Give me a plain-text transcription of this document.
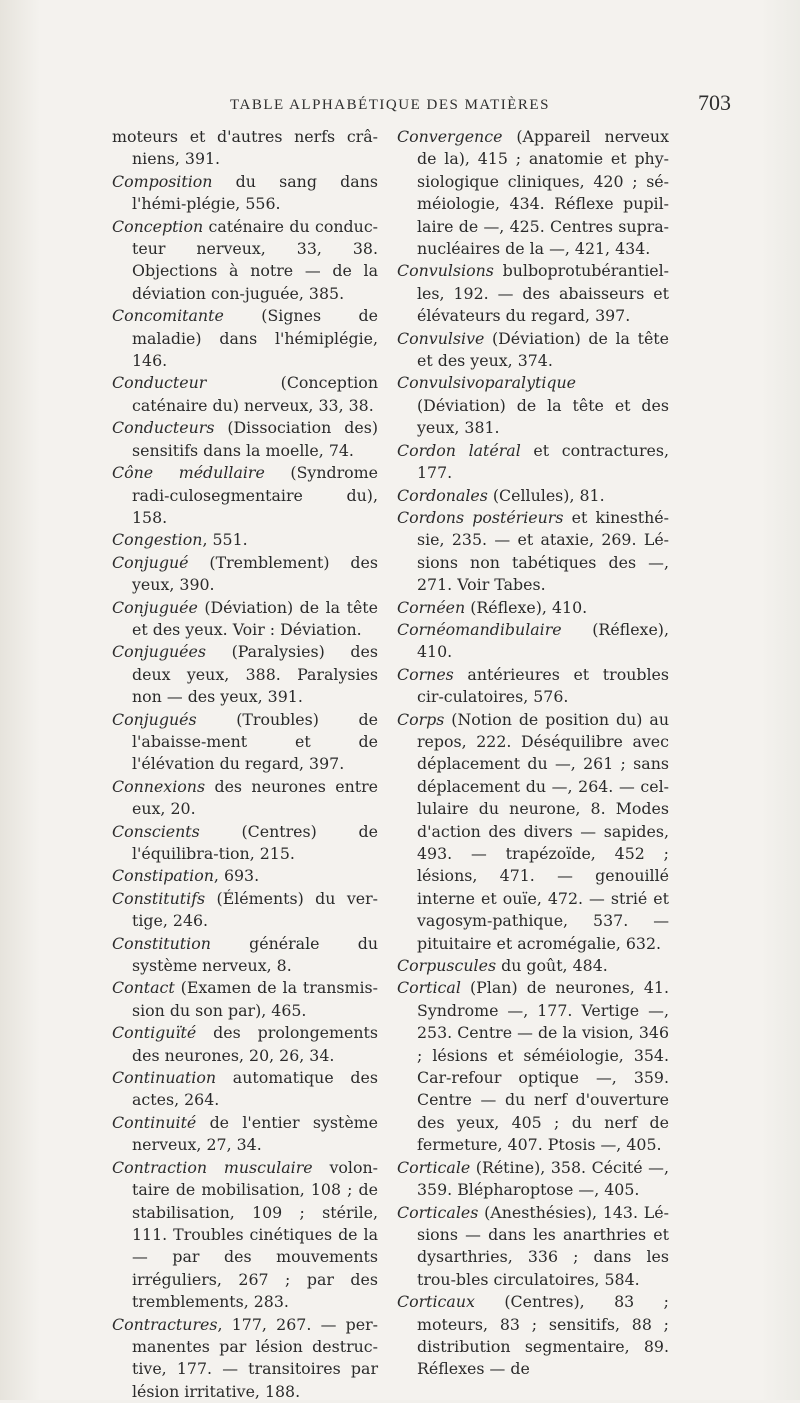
TABLE ALPHABÉTIQUE DES MATIÈRES	703

moteurs et d'autres nerfs crâ-niens, 391.

Composition du sang dans l'hémi-plégie, 556.

Conception caténaire du conduc-teur nerveux, 33, 38. Objections à notre — de la déviation con-juguée, 385.

Concomitante (Signes de maladie) dans l'hémiplégie, 146.

Conducteur (Conception caténaire du) nerveux, 33, 38.

Conducteurs (Dissociation des) sensitifs dans la moelle, 74.

Cône médullaire (Syndrome radi-culosegmentaire du), 158.

Congestion, 551.

Conjugué (Tremblement) des yeux, 390.

Conjuguée (Déviation) de la tête et des yeux. Voir : Déviation.

Conjuguées (Paralysies) des deux yeux, 388. Paralysies non — des yeux, 391.

Conjugués (Troubles) de l'abaisse-ment et de l'élévation du regard, 397.

Connexions des neurones entre eux, 20.

Conscients (Centres) de l'équilibra-tion, 215.

Constipation, 693.

Constitutifs (Éléments) du ver-tige, 246.

Constitution générale du système nerveux, 8.

Contact (Examen de la transmis-sion du son par), 465.

Contiguïté des prolongements des neurones, 20, 26, 34.

Continuation automatique des actes, 264.

Continuité de l'entier système nerveux, 27, 34.

Contraction musculaire volon-taire de mobilisation, 108 ; de stabilisation, 109 ; stérile, 111. Troubles cinétiques de la — par des mouvements irréguliers, 267 ; par des tremblements, 283.

Contractures, 177, 267. — per-manentes par lésion destruc-tive, 177. — transitoires par lésion irritative, 188.

Convergence (Appareil nerveux de la), 415 ; anatomie et phy-siologique cliniques, 420 ; sé-méiologie, 434. Réflexe pupil-laire de —, 425. Centres supra-nucléaires de la —, 421, 434.

Convulsions bulboprotubérantiel-les, 192. — des abaisseurs et élévateurs du regard, 397.

Convulsive (Déviation) de la tête et des yeux, 374.

Convulsivoparalytique (Déviation) de la tête et des yeux, 381.

Cordon latéral et contractures, 177.

Cordonales (Cellules), 81.

Cordons postérieurs et kinesthé-sie, 235. — et ataxie, 269. Lé-sions non tabétiques des —, 271. Voir Tabes.

Cornéen (Réflexe), 410.

Cornéomandibulaire (Réflexe), 410.

Cornes antérieures et troubles cir-culatoires, 576.

Corps (Notion de position du) au repos, 222. Déséquilibre avec déplacement du —, 261 ; sans déplacement du —, 264. — cel-lulaire du neurone, 8. Modes d'action des divers — sapides, 493. — trapézoïde, 452 ; lésions, 471. — genouillé interne et ouïe, 472. — strié et vagosym-pathique, 537. — pituitaire et acromégalie, 632.

Corpuscules du goût, 484.

Cortical (Plan) de neurones, 41. Syndrome —, 177. Vertige —, 253. Centre — de la vision, 346 ; lésions et séméiologie, 354. Car-refour optique —, 359. Centre — du nerf d'ouverture des yeux, 405 ; du nerf de fermeture, 407. Ptosis —, 405.

Corticale (Rétine), 358. Cécité —, 359. Blépharoptose —, 405.

Corticales (Anesthésies), 143. Lé-sions — dans les anarthries et dysarthries, 336 ; dans les trou-bles circulatoires, 584.

Corticaux (Centres), 83 ; moteurs, 83 ; sensitifs, 88 ; distribution segmentaire, 89. Réflexes — de
